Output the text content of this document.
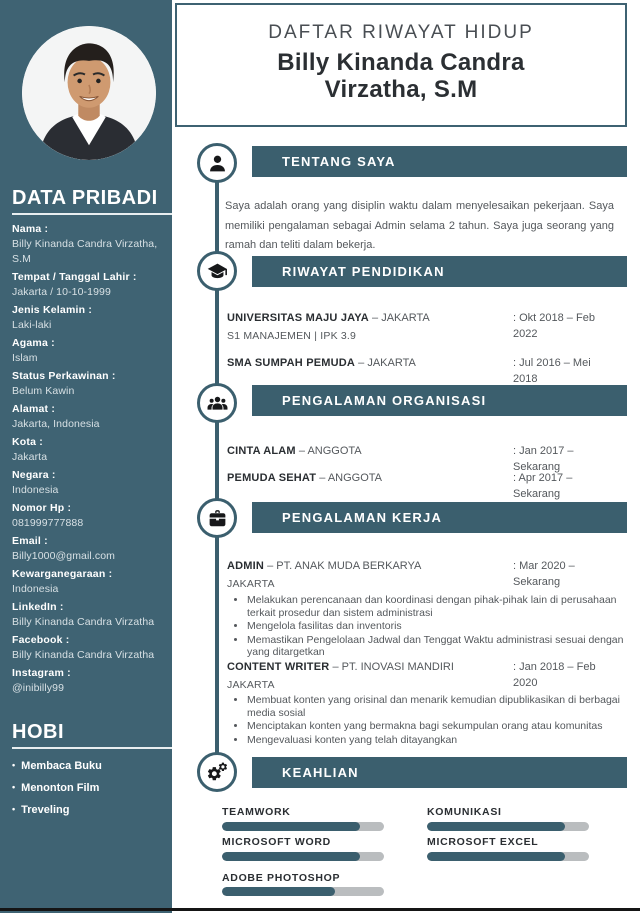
DATA PRIBADI
Nama :
Billy Kinanda Candra Virzatha, S.M
Tempat / Tanggal Lahir :
Jakarta / 10-10-1999
Jenis Kelamin :
Laki-laki
Agama :
Islam
Status Perkawinan :
Belum Kawin
Alamat :
Jakarta, Indonesia
Kota :
Jakarta
Negara :
Indonesia
Nomor Hp :
081999777888
Email :
Billy1000@gmail.com
Kewarganegaraan :
Indonesia
LinkedIn :
Billy Kinanda Candra Virzatha
Facebook :
Billy Kinanda Candra Virzatha
Instagram :
@inibilly99
HOBI
• Membaca Buku
• Menonton Film
• Treveling
DAFTAR RIWAYAT HIDUP
Billy Kinanda Candra
Virzatha, S.M
TENTANG SAYA
RIWAYAT PENDIDIKAN
PENGALAMAN ORGANISASI
PENGALAMAN KERJA
KEAHLIAN

Saya adalah orang yang disiplin waktu dalam menyelesaikan pekerjaan. Saya memiliki pengalaman sebagai Admin selama 2 tahun. Saya juga seorang yang ramah dan teliti dalam bekerja.

UNIVERSITAS MAJU JAYA – JAKARTA	: Okt 2018 – Feb 2022
S1 MANAJEMEN | IPK 3.9
SMA SUMPAH PEMUDA – JAKARTA	: Jul 2016 – Mei 2018
CINTA ALAM – ANGGOTA	: Jan 2017 – Sekarang
PEMUDA SEHAT – ANGGOTA	: Apr 2017 – Sekarang
ADMIN – PT. ANAK MUDA BERKARYA	: Mar 2020 – Sekarang
JAKARTA
• Melakukan perencanaan dan koordinasi dengan pihak-pihak lain di perusahaan terkait prosedur dan sistem administrasi
• Mengelola fasilitas dan inventoris
• Memastikan Pengelolaan Jadwal dan Tenggat Waktu administrasi sesuai dengan yang ditargetkan
CONTENT WRITER – PT. INOVASI MANDIRI	: Jan 2018 – Feb 2020
JAKARTA
• Membuat konten yang orisinal dan menarik kemudian dipublikasikan di berbagai media sosial
• Menciptakan konten yang bermakna bagi sekumpulan orang atau komunitas
• Mengevaluasi konten yang telah ditayangkan
TEAMWORK	KOMUNIKASI
MICROSOFT WORD	MICROSOFT EXCEL
ADOBE PHOTOSHOP
